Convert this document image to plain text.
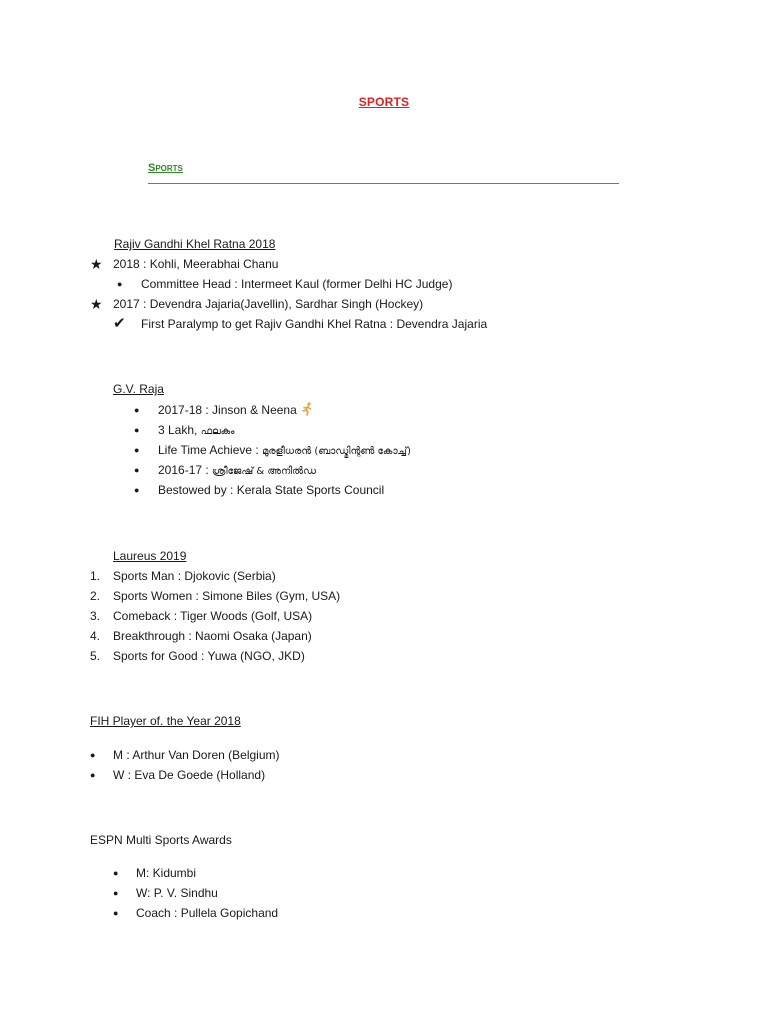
SPORTS
Sports
Rajiv Gandhi Khel Ratna 2018
★ 2018 : Kohli, Meerabhai Chanu
● Committee Head : Intermeet Kaul (former Delhi HC Judge)
★ 2017 : Devendra Jajaria(Javellin), Sardhar Singh (Hockey)
✔ First Paralymp to get Rajiv Gandhi Khel Ratna : Devendra Jajaria
G.V. Raja
● 2017-18 : Jinson & Neena
● 3 Lakh, ഫലകം
● Life Time Achieve : മുരളീധരൻ (ബാഡ്മിന്റൺ കോച്ച്)
● 2016-17 : ശ്രീജേഷ് & അനിൽഡ
● Bestowed by : Kerala State Sports Council
Laureus 2019
1. Sports Man : Djokovic (Serbia)
2. Sports Women : Simone Biles (Gym, USA)
3. Comeback : Tiger Woods (Golf, USA)
4. Breakthrough : Naomi Osaka (Japan)
5. Sports for Good : Yuwa (NGO, JKD)
FIH Player of. the Year 2018
● M : Arthur Van Doren (Belgium)
● W : Eva De Goede (Holland)
ESPN Multi Sports Awards
● M: Kidumbi
● W: P. V. Sindhu
● Coach : Pullela Gopichand
